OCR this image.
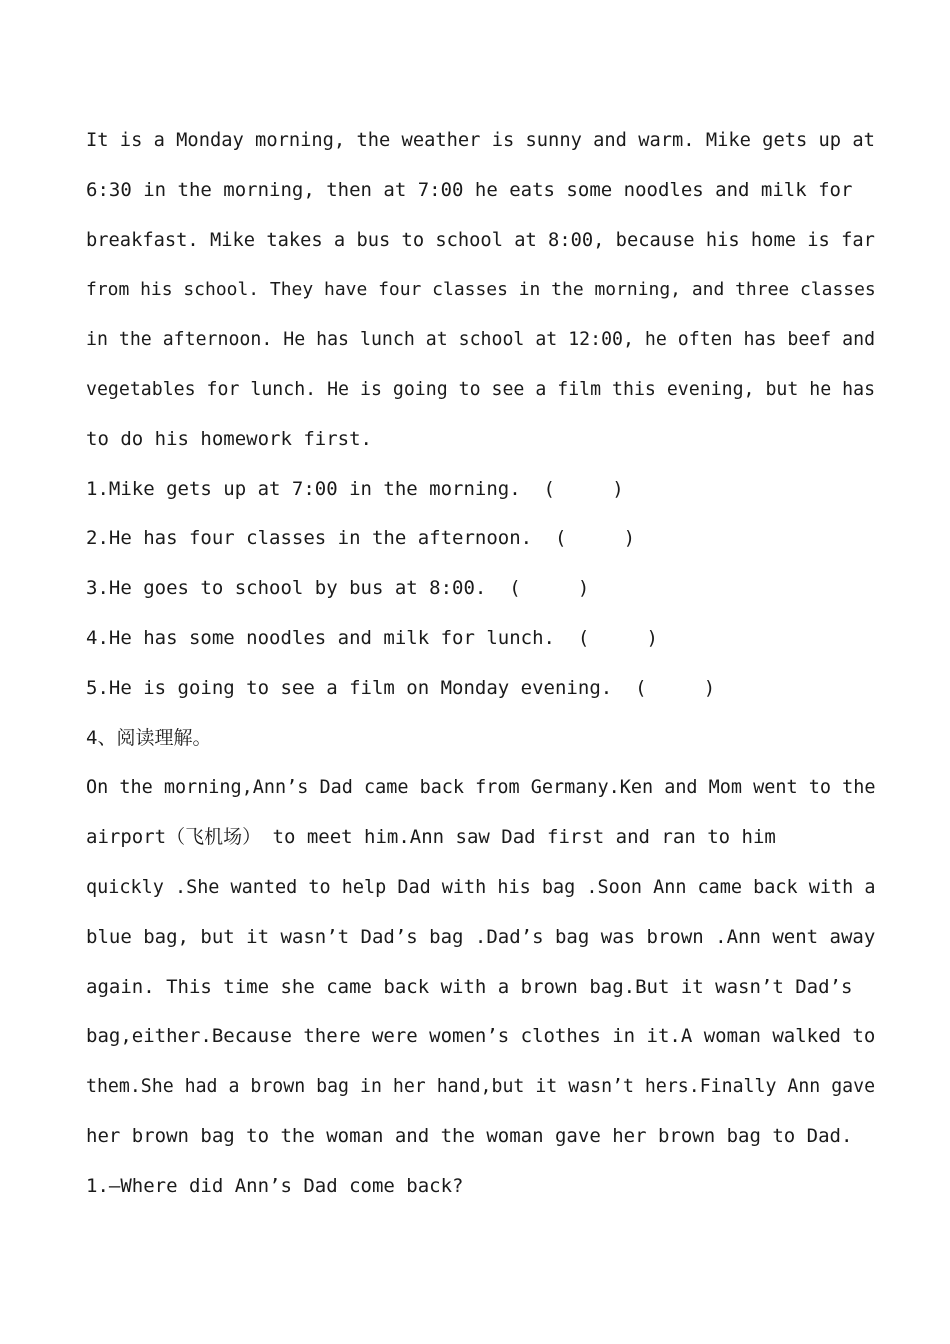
It is a Monday morning, the weather is sunny and warm. Mike gets up at
6:30 in the morning, then at 7:00 he eats some noodles and milk for
breakfast. Mike takes a bus to school at 8:00, because his home is far
from his school. They have four classes in the morning, and three classes
in the afternoon. He has lunch at school at 12:00, he often has beef and
vegetables for lunch. He is going to see a film this evening, but he has
to do his homework first.

1.Mike gets up at 7:00 in the morning.  (     )

2.He has four classes in the afternoon.  (     )

3.He goes to school by bus at 8:00.  (     )

4.He has some noodles and milk for lunch.  (     )

5.He is going to see a film on Monday evening.  (     )

4、阅读理解。

On the morning,Ann’s Dad came back from Germany.Ken and Mom went to the
airport（飞机场） to meet him.Ann saw Dad first and ran to him
quickly .She wanted to help Dad with his bag .Soon Ann came back with a
blue bag, but it wasn’t Dad’s bag .Dad’s bag was brown .Ann went away
again. This time she came back with a brown bag.But it wasn’t Dad’s
bag,either.Because there were women’s clothes in it.A woman walked to
them.She had a brown bag in her hand,but it wasn’t hers.Finally Ann gave
her brown bag to the woman and the woman gave her brown bag to Dad.

1.—Where did Ann’s Dad come back?
